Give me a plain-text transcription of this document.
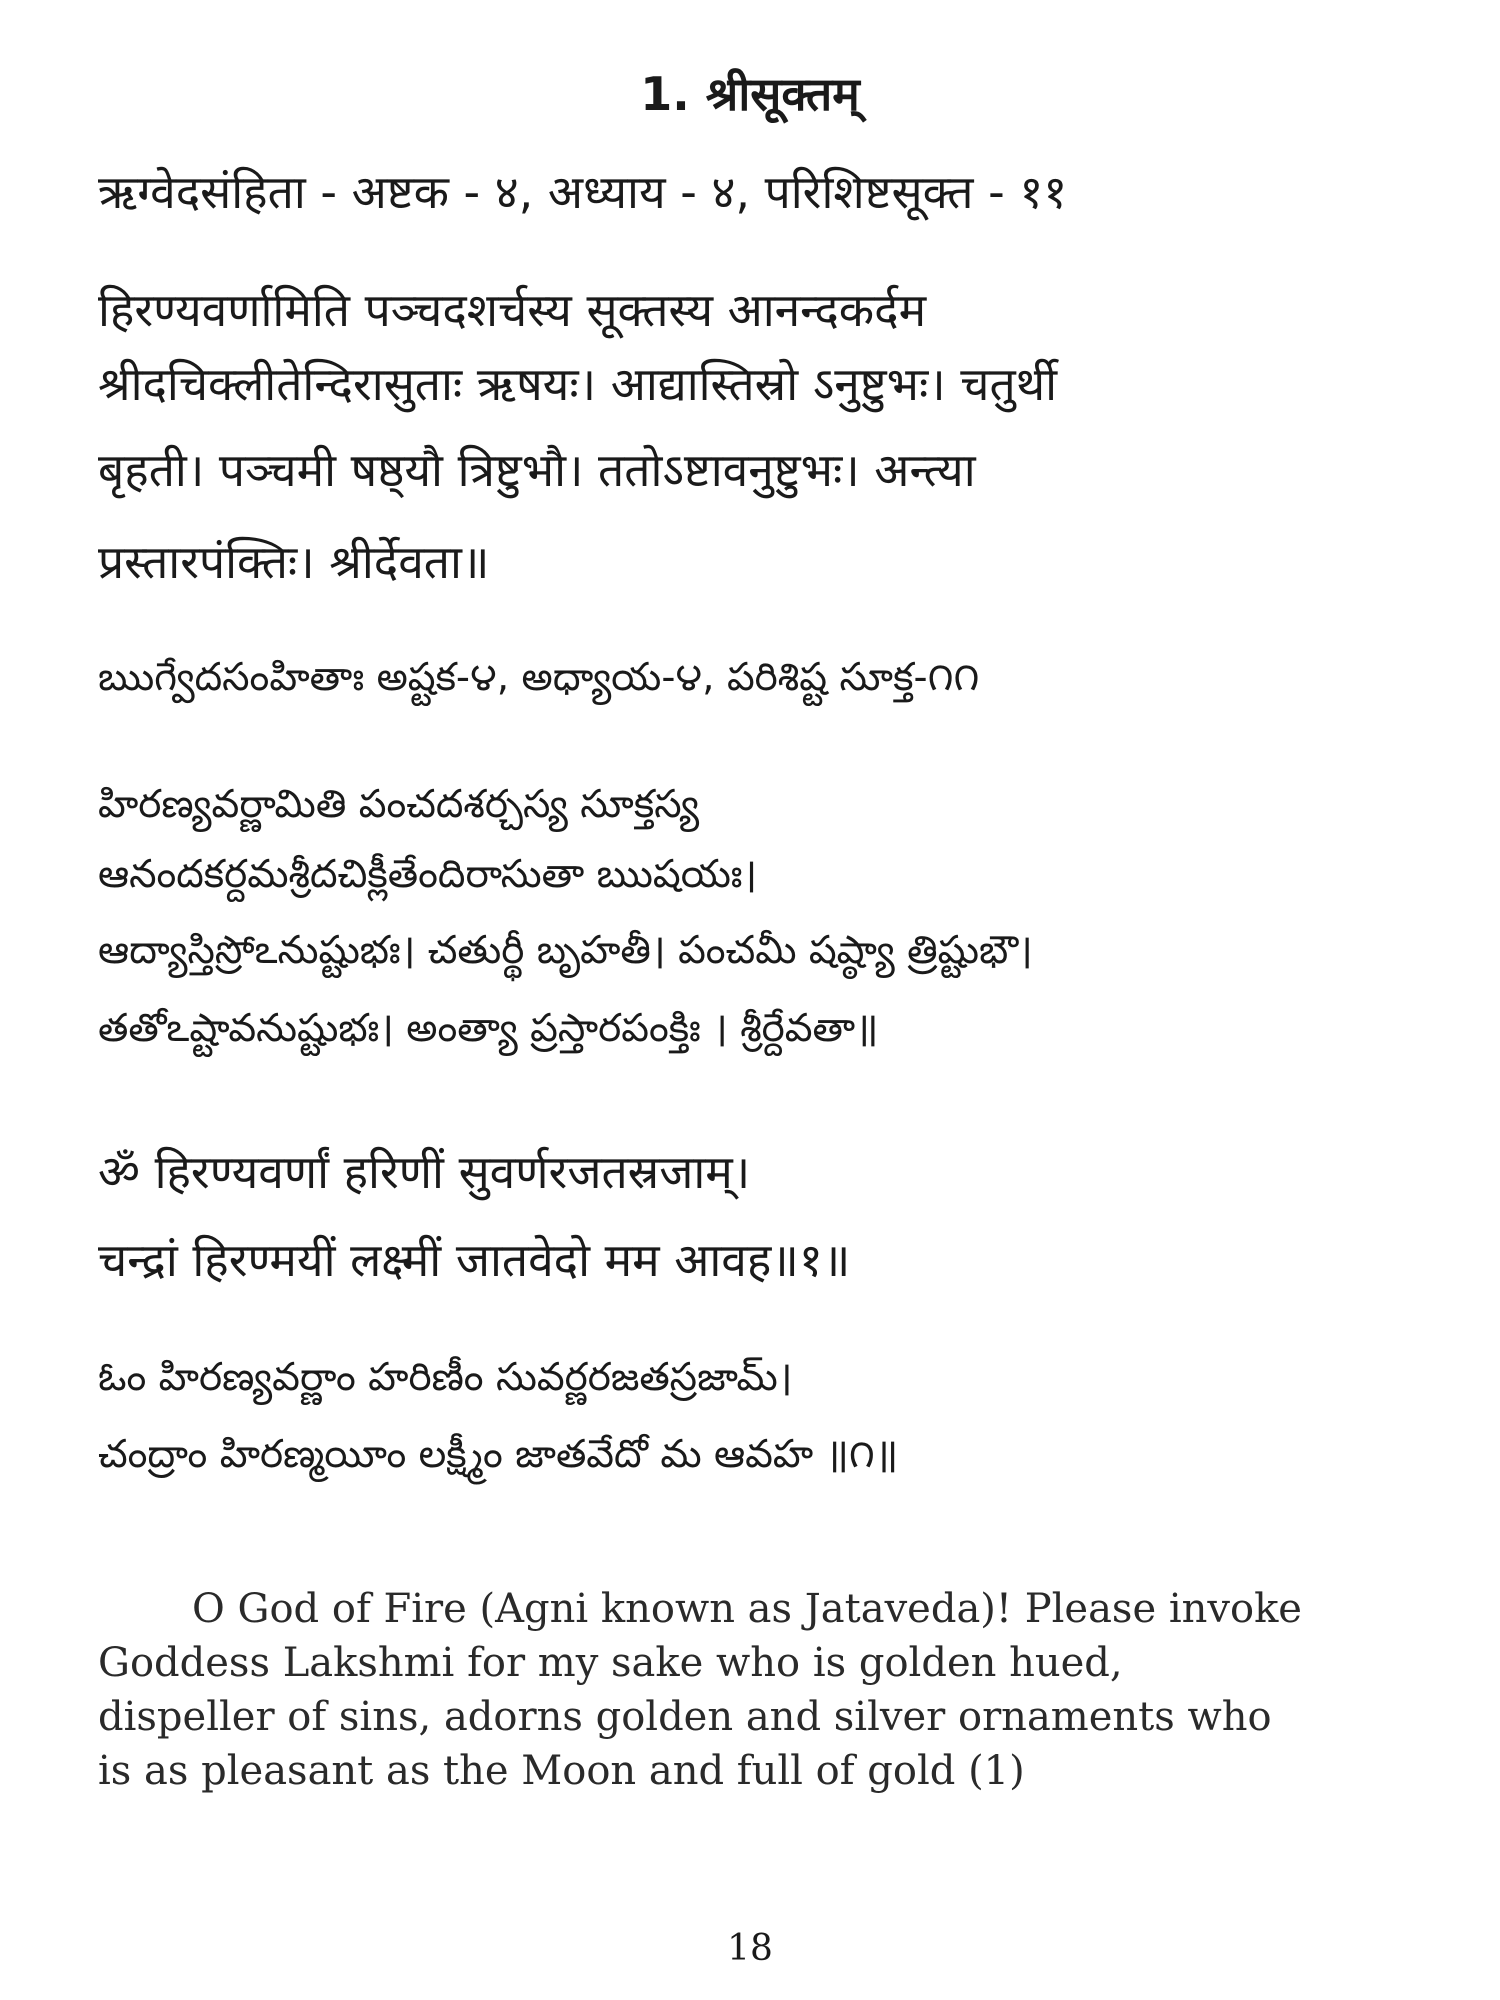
1. श्रीसूक्तम्
ऋग्वेदसंहिता - अष्टक - ४, अध्याय - ४, परिशिष्टसूक्त - ११
हिरण्यवर्णामिति पञ्चदशर्चस्य सूक्तस्य आनन्दकर्दम
श्रीदचिक्लीतेन्दिरासुताः ऋषयः। आद्यास्तिस्रो ऽनुष्टुभः। चतुर्थी
बृहती। पञ्चमी षष्ठ्यौ त्रिष्टुभौ। ततोऽष्टावनुष्टुभः। अन्त्या
प्रस्तारपंक्तिः। श्रीर्देवता॥
ఋగ్వేదసంహితాః అష్టక-౪, అధ్యాయ-౪, పరిశిష్ట సూక్త-౧౧
హిరణ్యవర్ణామితి పంచదశర్చస్య సూక్తస్య
ఆనందకర్దమశ్రీదచిక్లీతేందిరాసుతా ఋషయః।
ఆద్యాస్తిస్రోఽనుష్టుభః। చతుర్థీ బృహతీ। పంచమీ షష్ఠ్యా త్రిష్టుభౌ।
తతోఽష్టావనుష్టుభః। అంత్యా ప్రస్తారపంక్తిః । శ్రీర్దేవతా॥
ॐ हिरण्यवर्णां हरिणीं सुवर्णरजतस्रजाम्।
चन्द्रां हिरण्मयीं लक्ष्मीं जातवेदो मम आवह॥१॥
ఓం హిరణ్యవర్ణాం హరిణీం సువర్ణరజతస్రజామ్।
చంద్రాం హిరణ్మయీం లక్ష్మీం జాతవేదో మ ఆవహ ॥౧॥

O God of Fire (Agni known as Jataveda)! Please invoke
Goddess Lakshmi for my sake who is golden hued,
dispeller of sins, adorns golden and silver ornaments who
is as pleasant as the Moon and full of gold (1)

18
